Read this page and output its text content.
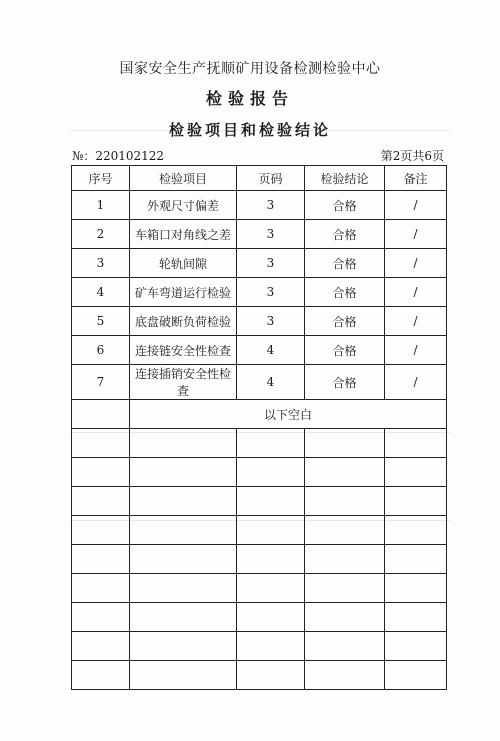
国家安全生产抚顺矿用设备检测检验中心
检验报告
检验项目和检验结论
№：220102122	第2页共6页
序号	检验项目	页码	检验结论	备注
1	外观尺寸偏差	3	合格	/
2	车箱口对角线之差	3	合格	/
3	轮轨间隙	3	合格	/
4	矿车弯道运行检验	3	合格	/
5	底盘破断负荷检验	3	合格	/
6	连接链安全性检查	4	合格	/
7	连接插销安全性检查	4	合格	/
	以下空白			
